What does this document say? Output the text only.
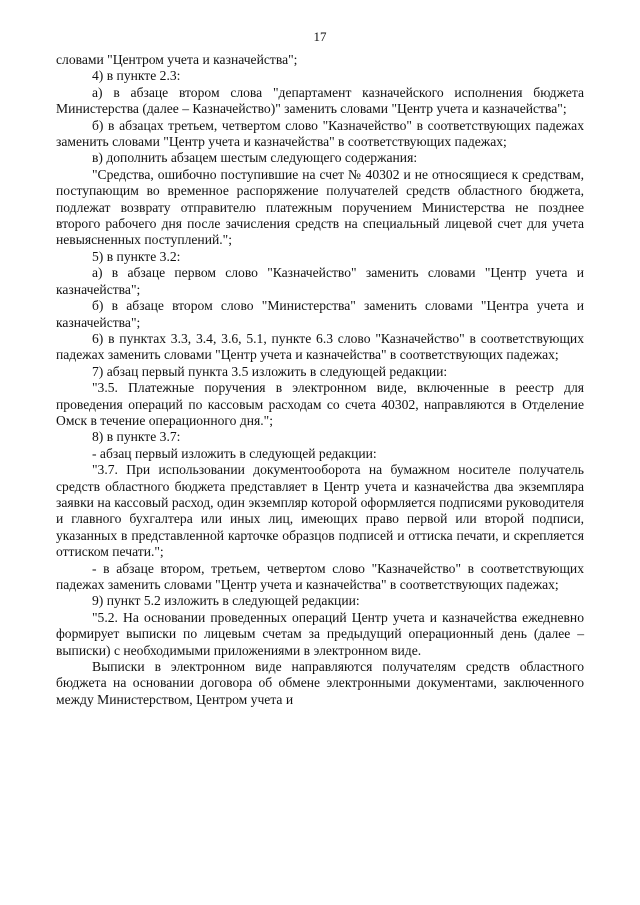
17

словами "Центром учета и казначейства";

4) в пункте 2.3:

а) в абзаце втором слова "департамент казначейского исполнения бюджета Министерства (далее – Казначейство)" заменить словами "Центр учета и казначейства";

б) в абзацах третьем, четвертом слово "Казначейство" в соответствующих падежах заменить словами "Центр учета и казначейства" в соответствующих падежах;

в) дополнить абзацем шестым следующего содержания:

"Средства, ошибочно поступившие на счет № 40302 и не относящиеся к средствам, поступающим во временное распоряжение получателей средств областного бюджета, подлежат возврату отправителю платежным поручением Министерства не позднее второго рабочего дня после зачисления средств на специальный лицевой счет для учета невыясненных поступлений.";

5) в пункте 3.2:

а) в абзаце первом слово "Казначейство" заменить словами "Центр учета и казначейства";

б) в абзаце втором слово "Министерства" заменить словами "Центра учета и казначейства";

6) в пунктах 3.3, 3.4, 3.6, 5.1, пункте 6.3 слово "Казначейство" в соответствующих падежах заменить словами "Центр учета и казначейства" в соответствующих падежах;

7) абзац первый пункта 3.5 изложить в следующей редакции:

"3.5. Платежные поручения в электронном виде, включенные в реестр для проведения операций по кассовым расходам со счета 40302, направляются в Отделение Омск в течение операционного дня.";

8) в пункте 3.7:

- абзац первый изложить в следующей редакции:

"3.7. При использовании документооборота на бумажном носителе получатель средств областного бюджета представляет в Центр учета и казначейства два экземпляра заявки на кассовый расход, один экземпляр которой оформляется подписями руководителя и главного бухгалтера или иных лиц, имеющих право первой или второй подписи, указанных в представленной карточке образцов подписей и оттиска печати, и скрепляется оттиском печати.";

- в абзаце втором, третьем, четвертом слово "Казначейство" в соответствующих падежах заменить словами "Центр учета и казначейства" в соответствующих падежах;

9) пункт 5.2 изложить в следующей редакции:

"5.2. На основании проведенных операций Центр учета и казначейства ежедневно формирует выписки по лицевым счетам за предыдущий операционный день (далее – выписки) с необходимыми приложениями в электронном виде.

Выписки в электронном виде направляются получателям средств областного бюджета на основании договора об обмене электронными документами, заключенного между Министерством, Центром учета и
